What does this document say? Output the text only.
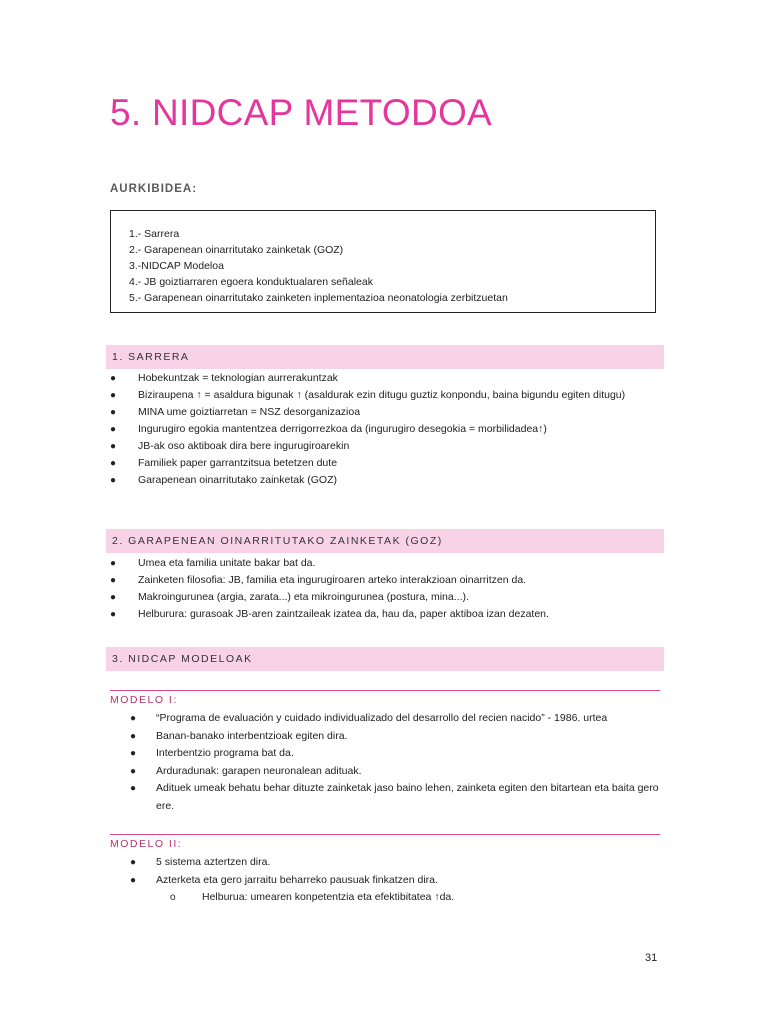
5. NIDCAP METODOA
AURKIBIDEA:
1.- Sarrera
2.- Garapenean oinarritutako zainketak (GOZ)
3.-NIDCAP Modeloa
4.- JB goiztiarraren egoera konduktualaren señaleak
5.- Garapenean oinarritutako zainketen inplementazioa neonatologia zerbitzuetan
1. SARRERA
● Hobekuntzak = teknologian aurrerakuntzak
● Biziraupena ↑ = asaldura bigunak ↑ (asaldurak ezin ditugu guztiz konpondu, baina bigundu egiten ditugu)
● MINA ume goiztiarretan = NSZ desorganizazioa
● Ingurugiro egokia mantentzea derrigorrezkoa da (ingurugiro desegokia = morbilidadea↑)
● JB-ak oso aktiboak dira bere ingurugiroarekin
● Familiek paper garrantzitsua betetzen dute
● Garapenean oinarritutako zainketak (GOZ)
2. GARAPENEAN OINARRITUTAKO ZAINKETAK (GOZ)
● Umea eta familia unitate bakar bat da.
● Zainketen filosofia: JB, familia eta ingurugiroaren arteko interakzioan oinarritzen da.
● Makroingurunea (argia, zarata...) eta mikroingurunea (postura, mina...).
● Helburura: gurasoak JB-aren zaintzaileak izatea da, hau da, paper aktiboa izan dezaten.
3. NIDCAP MODELOAK
MODELO I:
● “Programa de evaluación y cuidado individualizado del desarrollo del recien nacido” - 1986. urtea
● Banan-banako interbentzioak egiten dira.
● Interbentzio programa bat da.
● Arduradunak: garapen neuronalean adituak.
● Adituek umeak behatu behar dituzte zainketak jaso baino lehen, zainketa egiten den bitartean eta baita gero ere.
MODELO II:
● 5 sistema aztertzen dira.
● Azterketa eta gero jarraitu beharreko pausuak finkatzen dira.
o	Helburua: umearen konpetentzia eta efektibitatea ↑da.
31
